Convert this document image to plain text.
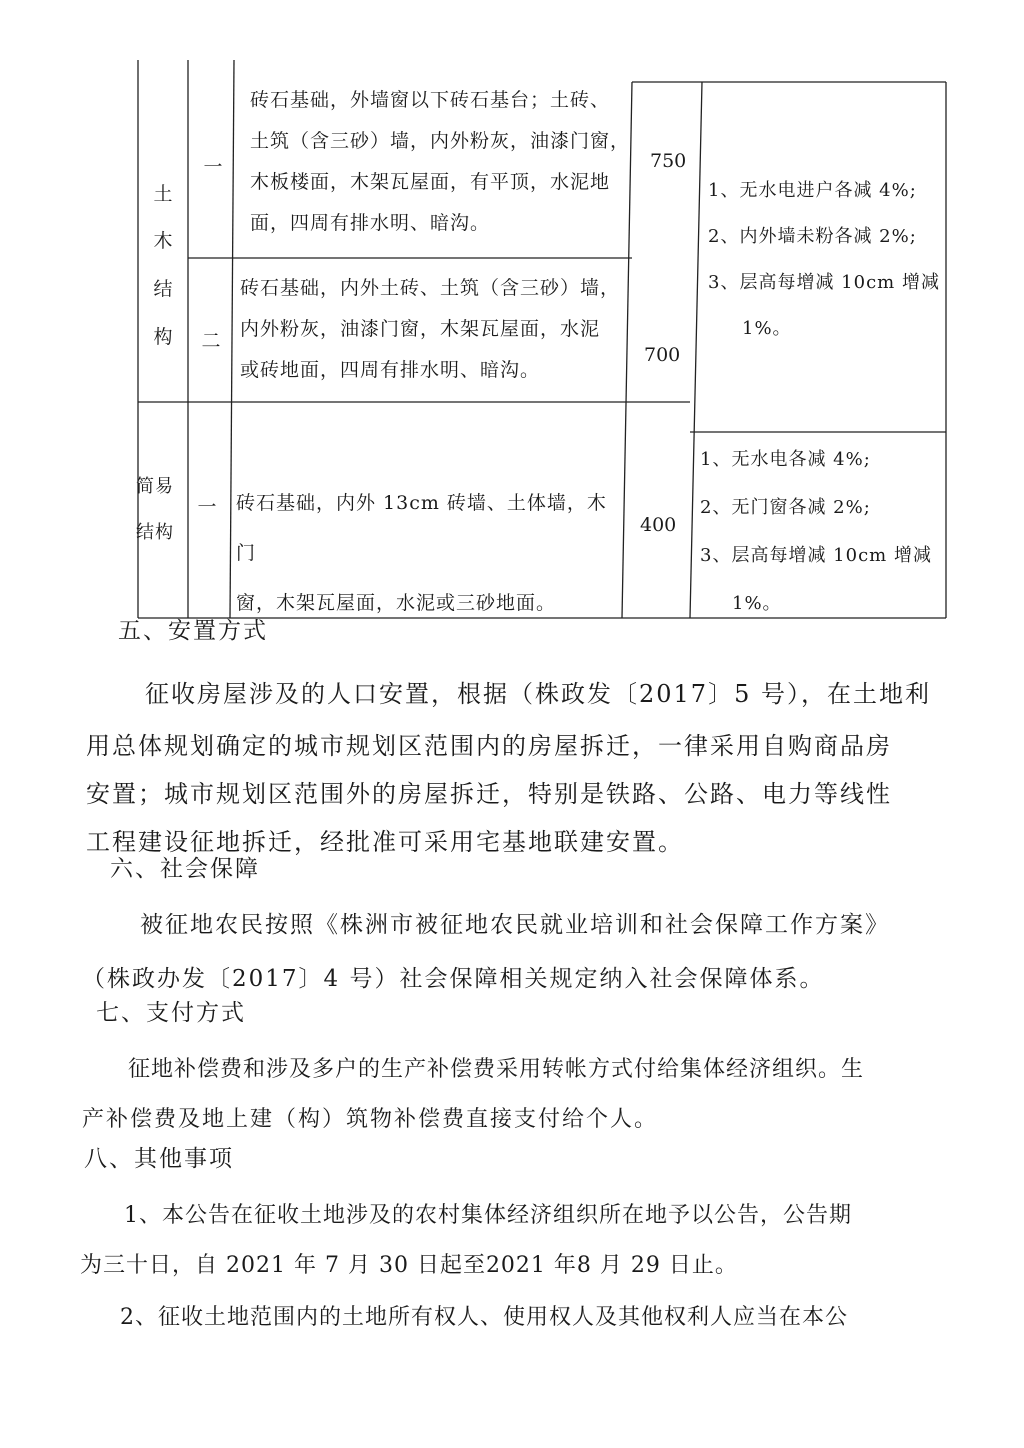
土
木
结
构
一
砖石基础，外墙窗以下砖石基台；土砖、
土筑（含三砂）墙，内外粉灰，油漆门窗，
木板楼面，木架瓦屋面，有平顶，水泥地
面，四周有排水明、暗沟。
750
二
砖石基础，内外土砖、土筑（含三砂）墙，
内外粉灰，油漆门窗，木架瓦屋面，水泥
或砖地面，四周有排水明、暗沟。
700
1、无水电进户各减 4%;
2、内外墙未粉各减 2%;
3、层高每增减 10cm 增减
1%。
简易
结构
一 砖石基础，内外 13cm 砖墙、土体墙，木门
窗，木架瓦屋面，水泥或三砂地面。
400
1、无水电各减 4%;
2、无门窗各减 2%;
3、层高每增减 10cm 增减
1%。
五、安置方式
征收房屋涉及的人口安置，根据（株政发〔2017〕5 号），在土地利
用总体规划确定的城市规划区范围内的房屋拆迁，一律采用自购商品房
安置；城市规划区范围外的房屋拆迁，特别是铁路、公路、电力等线性
工程建设征地拆迁，经批准可采用宅基地联建安置。
六、社会保障
被征地农民按照《株洲市被征地农民就业培训和社会保障工作方案》
（株政办发〔2017〕4 号）社会保障相关规定纳入社会保障体系。
七、支付方式
征地补偿费和涉及多户的生产补偿费采用转帐方式付给集体经济组织。生
产补偿费及地上建（构）筑物补偿费直接支付给个人。
八、其他事项
1、本公告在征收土地涉及的农村集体经济组织所在地予以公告，公告期
为三十日，自 2021 年 7 月 30 日起至2021 年8 月 29 日止。
2、征收土地范围内的土地所有权人、使用权人及其他权利人应当在本公
